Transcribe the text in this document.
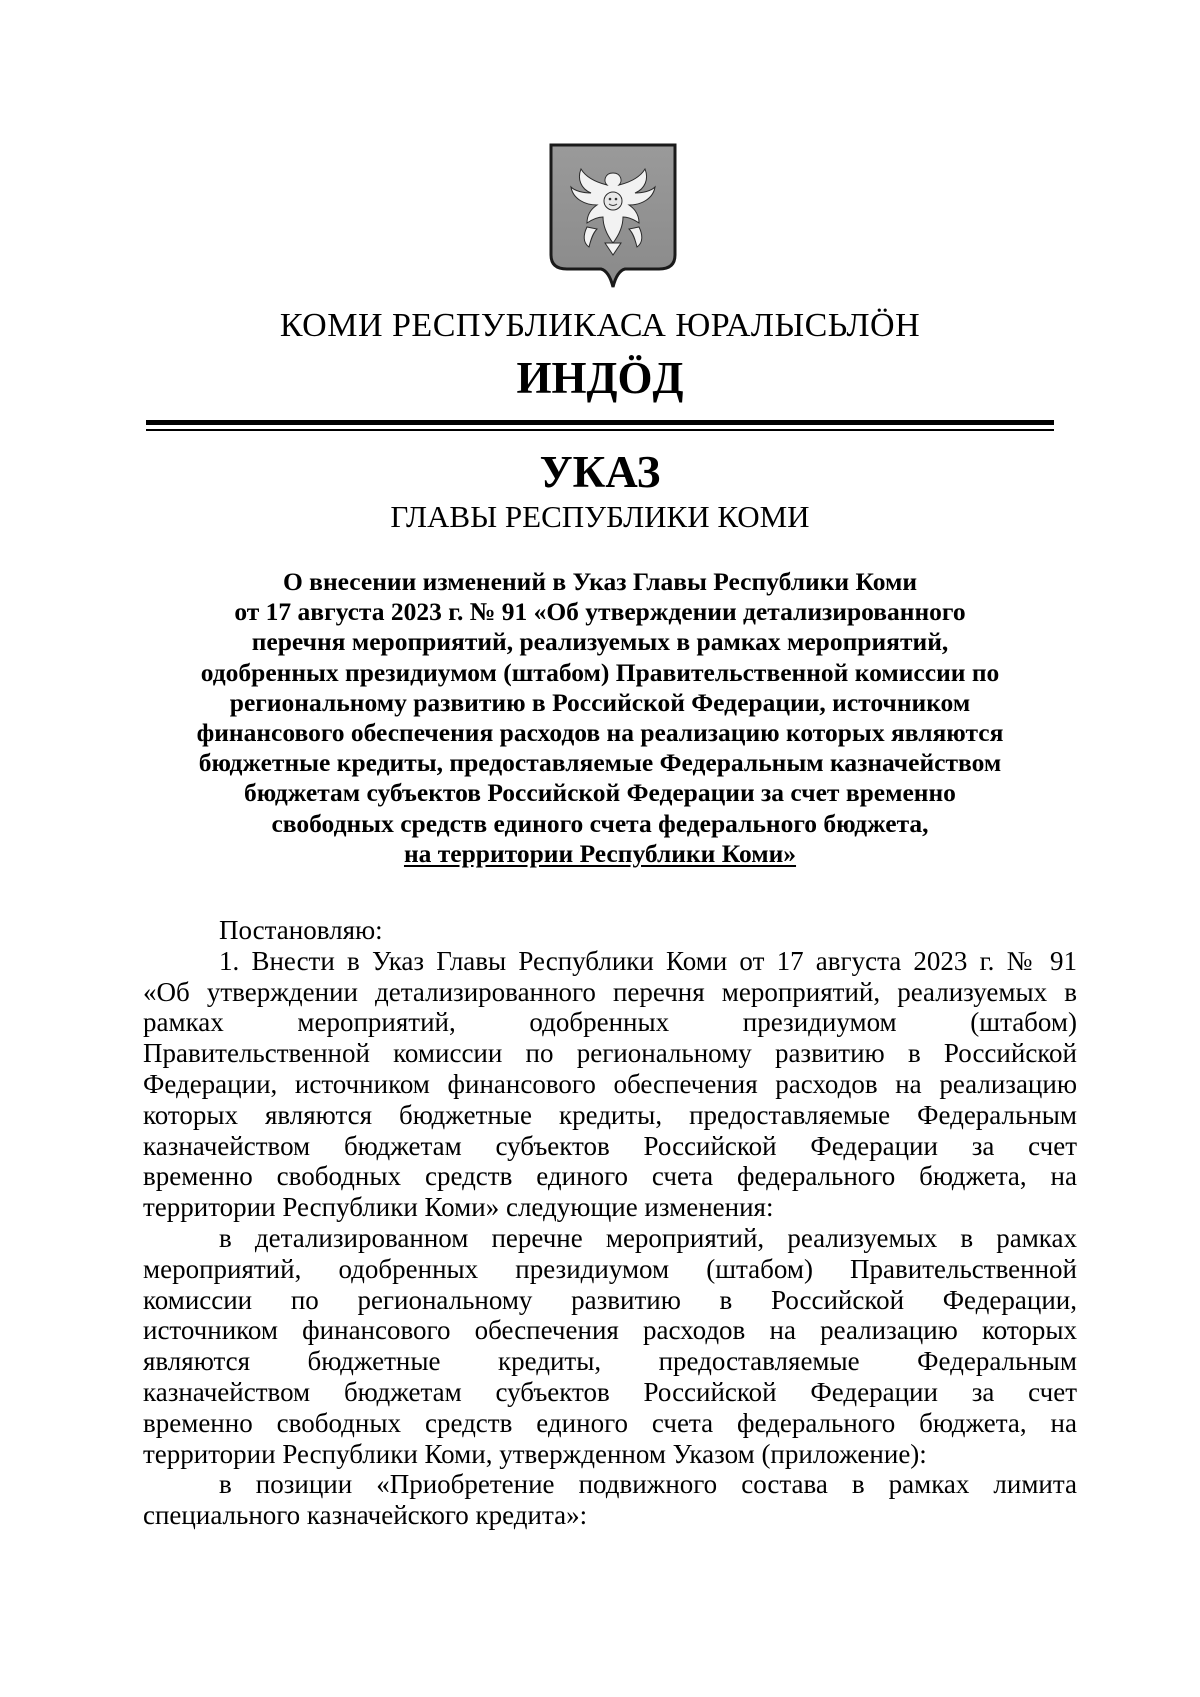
КОМИ РЕСПУБЛИКАСА ЮРАЛЫСЬЛÖН
ИНДÖД
УКАЗ
ГЛАВЫ РЕСПУБЛИКИ КОМИ
О внесении изменений в Указ Главы Республики Коми
от 17 августа 2023 г. № 91 «Об утверждении детализированного
перечня мероприятий, реализуемых в рамках мероприятий,
одобренных президиумом (штабом) Правительственной комиссии по
региональному развитию в Российской Федерации, источником
финансового обеспечения расходов на реализацию которых являются
бюджетные кредиты, предоставляемые Федеральным казначейством
бюджетам субъектов Российской Федерации за счет временно
свободных средств единого счета федерального бюджета,
на территории Республики Коми»
Постановляю:
1. Внести в Указ Главы Республики Коми от 17 августа 2023 г. № 91
«Об утверждении детализированного перечня мероприятий, реализуемых в
рамках мероприятий, одобренных президиумом (штабом)
Правительственной комиссии по региональному развитию в Российской
Федерации, источником финансового обеспечения расходов на реализацию
которых являются бюджетные кредиты, предоставляемые Федеральным
казначейством бюджетам субъектов Российской Федерации за счет
временно свободных средств единого счета федерального бюджета, на
территории Республики Коми» следующие изменения:
в детализированном перечне мероприятий, реализуемых в рамках
мероприятий, одобренных президиумом (штабом) Правительственной
комиссии по региональному развитию в Российской Федерации,
источником финансового обеспечения расходов на реализацию которых
являются бюджетные кредиты, предоставляемые Федеральным
казначейством бюджетам субъектов Российской Федерации за счет
временно свободных средств единого счета федерального бюджета, на
территории Республики Коми, утвержденном Указом (приложение):
в позиции «Приобретение подвижного состава в рамках лимита
специального казначейского кредита»:
